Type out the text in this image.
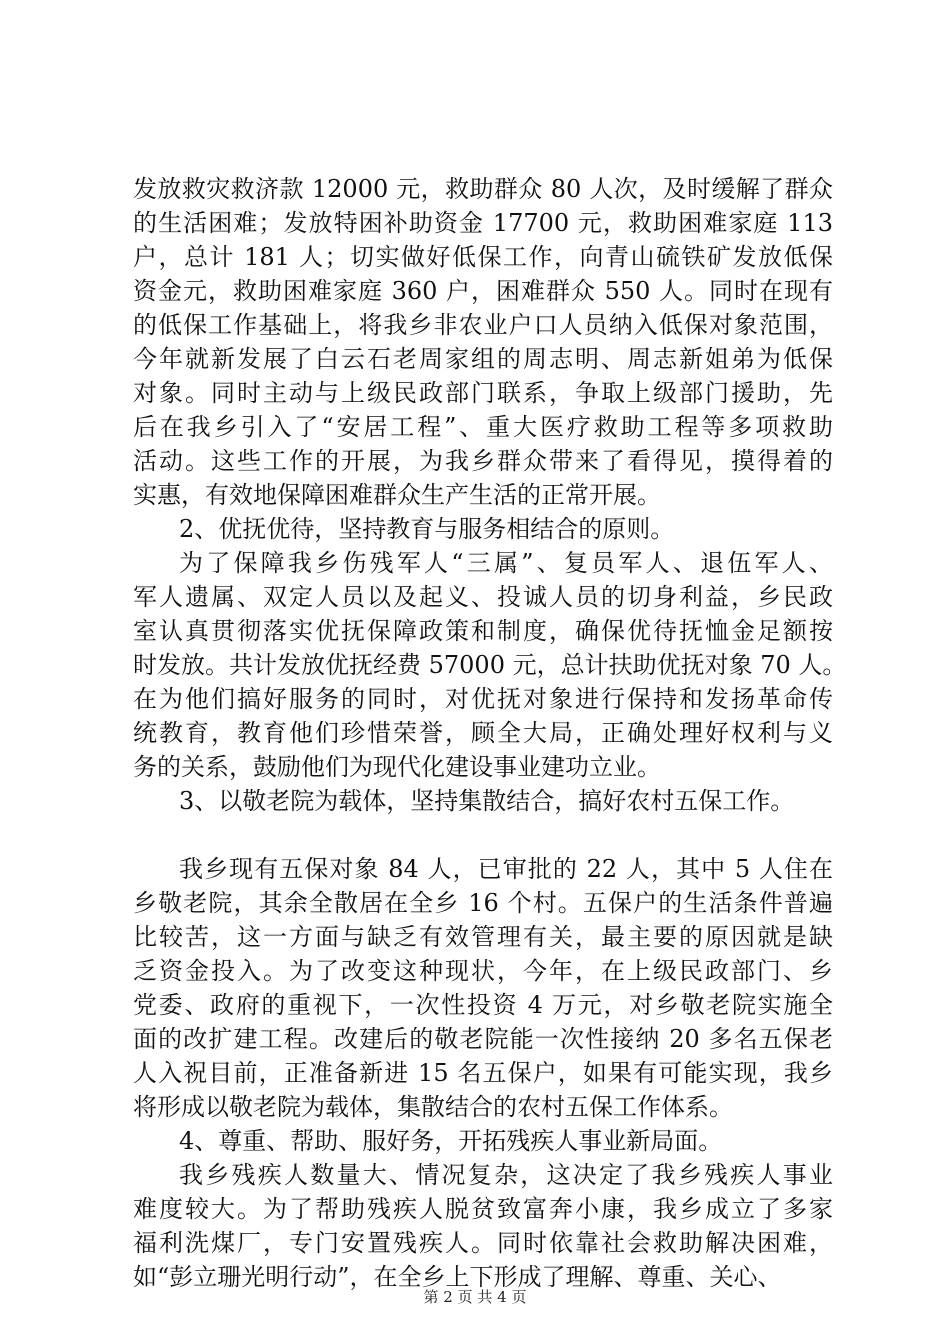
发放救灾救济款 12000 元，救助群众 80 人次，及时缓解了群众
的生活困难；发放特困补助资金 17700 元，救助困难家庭 113
户，总计 181 人；切实做好低保工作，向青山硫铁矿发放低保
资金元，救助困难家庭 360 户，困难群众 550 人。同时在现有
的低保工作基础上，将我乡非农业户口人员纳入低保对象范围，
今年就新发展了白云石老周家组的周志明、周志新姐弟为低保
对象。同时主动与上级民政部门联系，争取上级部门援助，先
后在我乡引入了“安居工程”、重大医疗救助工程等多项救助
活动。这些工作的开展，为我乡群众带来了看得见，摸得着的
实惠，有效地保障困难群众生产生活的正常开展。
2、优抚优待，坚持教育与服务相结合的原则。
为了保障我乡伤残军人“三属”、复员军人、退伍军人、
军人遗属、双定人员以及起义、投诚人员的切身利益，乡民政
室认真贯彻落实优抚保障政策和制度，确保优待抚恤金足额按
时发放。共计发放优抚经费 57000 元，总计扶助优抚对象 70 人。
在为他们搞好服务的同时，对优抚对象进行保持和发扬革命传
统教育，教育他们珍惜荣誉，顾全大局，正确处理好权利与义
务的关系，鼓励他们为现代化建设事业建功立业。
3、以敬老院为载体，坚持集散结合，搞好农村五保工作。
我乡现有五保对象 84 人，已审批的 22 人，其中 5 人住在
乡敬老院，其余全散居在全乡 16 个村。五保户的生活条件普遍
比较苦，这一方面与缺乏有效管理有关，最主要的原因就是缺
乏资金投入。为了改变这种现状，今年，在上级民政部门、乡
党委、政府的重视下，一次性投资 4 万元，对乡敬老院实施全
面的改扩建工程。改建后的敬老院能一次性接纳 20 多名五保老
人入祝目前，正准备新进 15 名五保户，如果有可能实现，我乡
将形成以敬老院为载体，集散结合的农村五保工作体系。
4、尊重、帮助、服好务，开拓残疾人事业新局面。
我乡残疾人数量大、情况复杂，这决定了我乡残疾人事业
难度较大。为了帮助残疾人脱贫致富奔小康，我乡成立了多家
福利洗煤厂，专门安置残疾人。同时依靠社会救助解决困难，
如“彭立珊光明行动”，在全乡上下形成了理解、尊重、关心、
第 2 页 共 4 页
